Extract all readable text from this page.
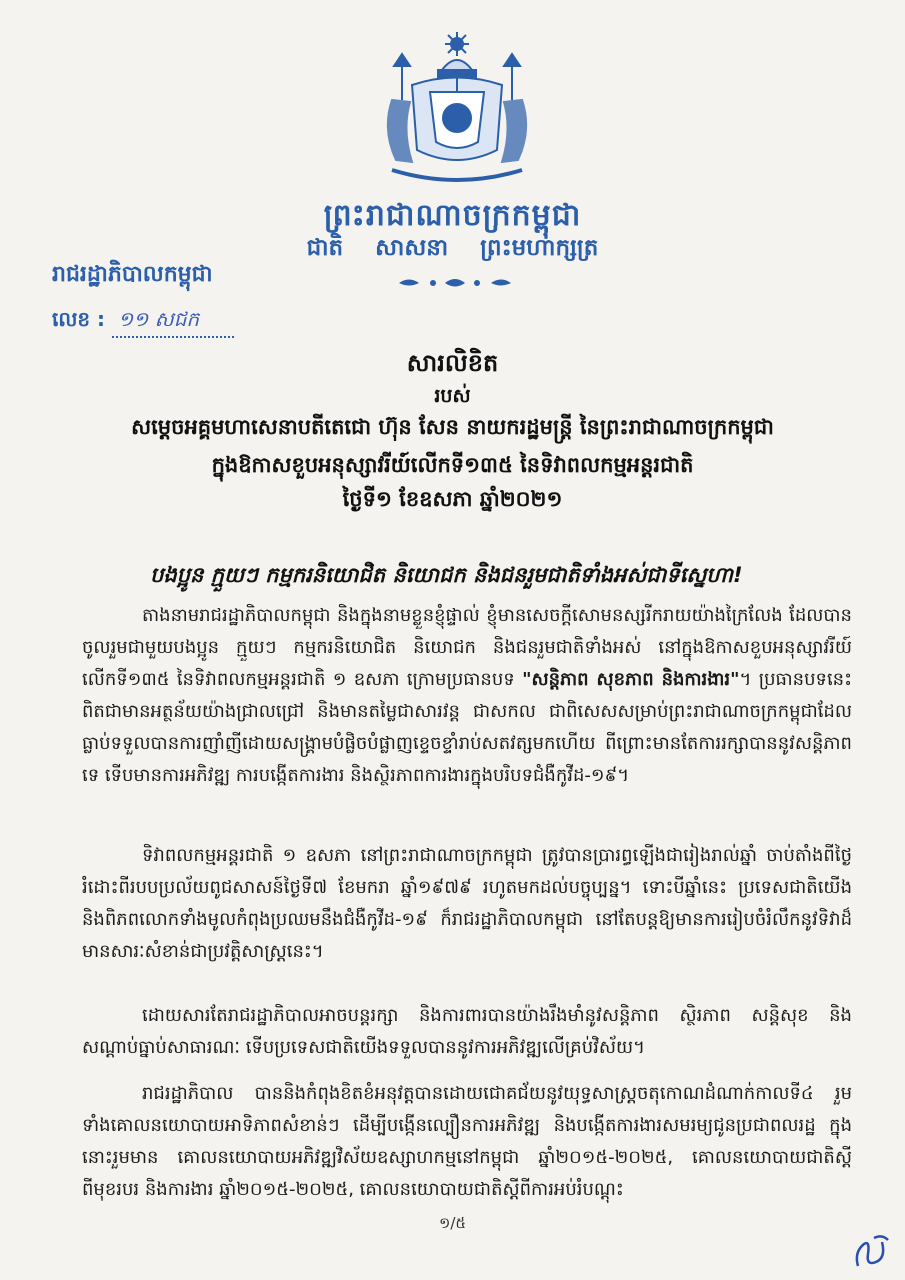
ព្រះរាជាណាចក្រកម្ពុជា
ជាតិ សាសនា ព្រះមហាក្សត្រ
រាជរដ្ឋាភិបាលកម្ពុជា
លេខ : ១១ សជក
សារលិខិត
របស់
សម្ដេចអគ្គមហាសេនាបតីតេជោ ហ៊ុន សែន នាយករដ្ឋមន្ត្រី នៃព្រះរាជាណាចក្រកម្ពុជា
ក្នុងឱកាសខួបអនុស្សាវរីយ៍លើកទី១៣៥ នៃទិវាពលកម្មអន្តរជាតិ
ថ្ងៃទី១ ខែឧសភា ឆ្នាំ២០២១
បងប្អូន ក្មួយៗ កម្មករនិយោជិត និយោជក និងជនរួមជាតិទាំងអស់ជាទីស្នេហា!
តាងនាមរាជរដ្ឋាភិបាលកម្ពុជា និងក្នុងនាមខ្លួនខ្ញុំផ្ទាល់ ខ្ញុំមានសេចក្តីសោមនស្សរីករាយយ៉ាងក្រៃលែង ដែលបានចូលរួមជាមួយបងប្អូន ក្មួយៗ កម្មករនិយោជិត និយោជក និងជនរួមជាតិទាំងអស់ នៅក្នុងឱកាសខួបអនុស្សាវរីយ៍លើកទី១៣៥ នៃទិវាពលកម្មអន្តរជាតិ ១ ឧសភា ក្រោមប្រធានបទ "សន្តិភាព សុខភាព និងការងារ"។ ប្រធានបទនេះ ពិតជាមានអត្ថន័យយ៉ាងជ្រាលជ្រៅ និងមានតម្លៃជាសារវន្ត ជាសកល ជាពិសេសសម្រាប់ព្រះរាជាណាចក្រកម្ពុជាដែលធ្លាប់ទទួលបានការញាំញីដោយសង្គ្រាមបំផ្លិចបំផ្លាញខ្ទេចខ្ទាំរាប់សតវត្សមកហើយ ពីព្រោះមានតែការរក្សាបាននូវសន្តិភាពទេ ទើបមានការអភិវឌ្ឍ ការបង្កើតការងារ និងស្ថិរភាពការងារក្នុងបរិបទជំងឺកូវីដ-១៩។
ទិវាពលកម្មអន្តរជាតិ ១ ឧសភា នៅព្រះរាជាណាចក្រកម្ពុជា ត្រូវបានប្រារព្ធឡើងជារៀងរាល់ឆ្នាំ ចាប់តាំងពីថ្ងៃរំដោះពីរបបប្រល័យពូជសាសន៍ថ្ងៃទី៧ ខែមករា ឆ្នាំ១៩៧៩ រហូតមកដល់បច្ចុប្បន្ន។ ទោះបីឆ្នាំនេះ ប្រទេសជាតិយើង និងពិភពលោកទាំងមូលកំពុងប្រឈមនឹងជំងឺកូវីដ-១៩ ក៏រាជរដ្ឋាភិបាលកម្ពុជា នៅតែបន្តឱ្យមានការរៀបចំរំលឹកនូវទិវាដ៏មានសារៈសំខាន់ជាប្រវត្តិសាស្ត្រនេះ។
ដោយសារតែរាជរដ្ឋាភិបាលអាចបន្តរក្សា និងការពារបានយ៉ាងរឹងមាំនូវសន្តិភាព ស្ថិរភាព សន្តិសុខ និងសណ្តាប់ធ្នាប់សាធារណៈ ទើបប្រទេសជាតិយើងទទួលបាននូវការអភិវឌ្ឍលើគ្រប់វិស័យ។
រាជរដ្ឋាភិបាល បាននិងកំពុងខិតខំអនុវត្តបានដោយជោគជ័យនូវយុទ្ធសាស្ត្រចតុកោណដំណាក់កាលទី៤ រួមទាំងគោលនយោបាយអាទិភាពសំខាន់ៗ ដើម្បីបង្កើនល្បឿនការអភិវឌ្ឍ និងបង្កើតការងារសមរម្យជូនប្រជាពលរដ្ឋ ក្នុងនោះរួមមាន គោលនយោបាយអភិវឌ្ឍវិស័យឧស្សាហកម្មនៅកម្ពុជា ឆ្នាំ២០១៥-២០២៥, គោលនយោបាយជាតិស្តីពីមុខរបរ និងការងារ ឆ្នាំ២០១៥-២០២៥, គោលនយោបាយជាតិស្តីពីការអប់រំបណ្តុះ
១/៥
